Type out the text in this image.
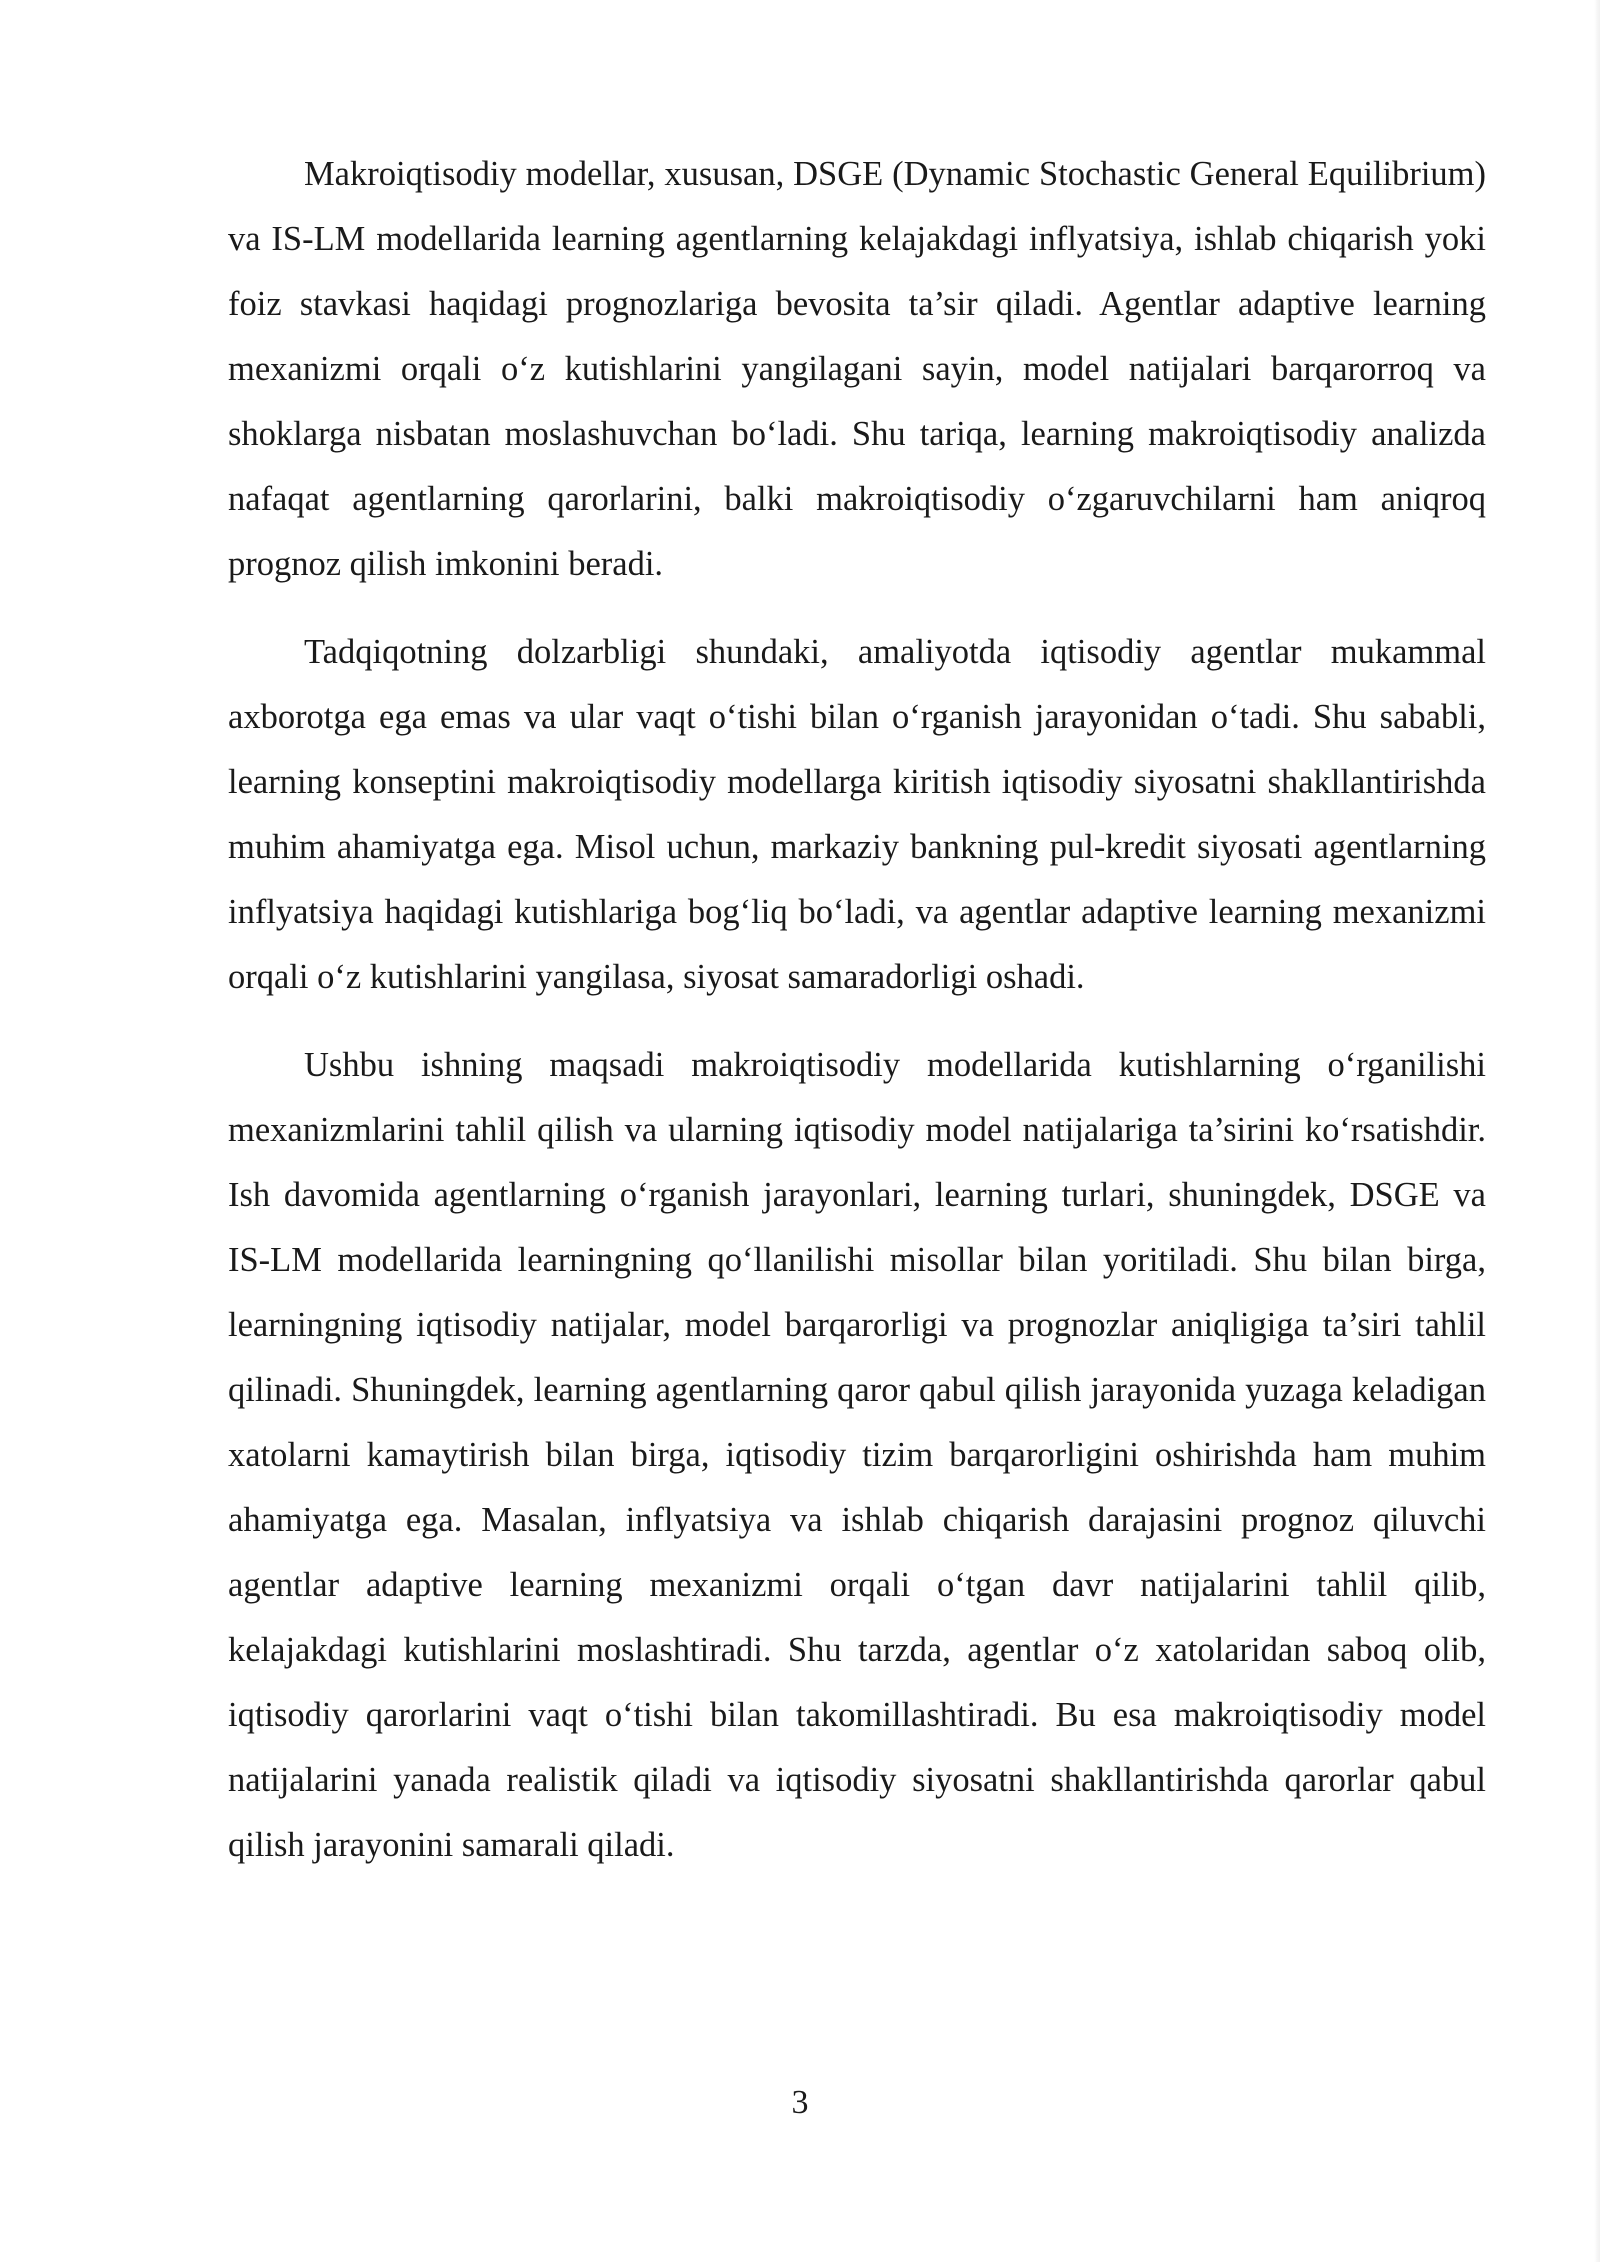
Makroiqtisodiy modellar, xususan, DSGE (Dynamic Stochastic General Equilibrium) va IS-LM modellarida learning agentlarning kelajakdagi inflyatsiya, ishlab chiqarish yoki foiz stavkasi haqidagi prognozlariga bevosita ta’sir qiladi. Agentlar adaptive learning mexanizmi orqali o‘z kutishlarini yangilagani sayin, model natijalari barqarorroq va shoklarga nisbatan moslashuvchan bo‘ladi. Shu tariqa, learning makroiqtisodiy analizda nafaqat agentlarning qarorlarini, balki makroiqtisodiy o‘zgaruvchilarni ham aniqroq prognoz qilish imkonini beradi.

Tadqiqotning dolzarbligi shundaki, amaliyotda iqtisodiy agentlar mukammal axborotga ega emas va ular vaqt o‘tishi bilan o‘rganish jarayonidan o‘tadi. Shu sababli, learning konseptini makroiqtisodiy modellarga kiritish iqtisodiy siyosatni shakllantirishda muhim ahamiyatga ega. Misol uchun, markaziy bankning pul-kredit siyosati agentlarning inflyatsiya haqidagi kutishlariga bog‘liq bo‘ladi, va agentlar adaptive learning mexanizmi orqali o‘z kutishlarini yangilasa, siyosat samaradorligi oshadi.

Ushbu ishning maqsadi makroiqtisodiy modellarida kutishlarning o‘rganilishi mexanizmlarini tahlil qilish va ularning iqtisodiy model natijalariga ta’sirini ko‘rsatishdir. Ish davomida agentlarning o‘rganish jarayonlari, learning turlari, shuningdek, DSGE va IS-LM modellarida learningning qo‘llanilishi misollar bilan yoritiladi. Shu bilan birga, learningning iqtisodiy natijalar, model barqarorligi va prognozlar aniqligiga ta’siri tahlil qilinadi. Shuningdek, learning agentlarning qaror qabul qilish jarayonida yuzaga keladigan xatolarni kamaytirish bilan birga, iqtisodiy tizim barqarorligini oshirishda ham muhim ahamiyatga ega. Masalan, inflyatsiya va ishlab chiqarish darajasini prognoz qiluvchi agentlar adaptive learning mexanizmi orqali o‘tgan davr natijalarini tahlil qilib, kelajakdagi kutishlarini moslashtiradi. Shu tarzda, agentlar o‘z xatolaridan saboq olib, iqtisodiy qarorlarini vaqt o‘tishi bilan takomillashtiradi. Bu esa makroiqtisodiy model natijalarini yanada realistik qiladi va iqtisodiy siyosatni shakllantirishda qarorlar qabul qilish jarayonini samarali qiladi.

3
